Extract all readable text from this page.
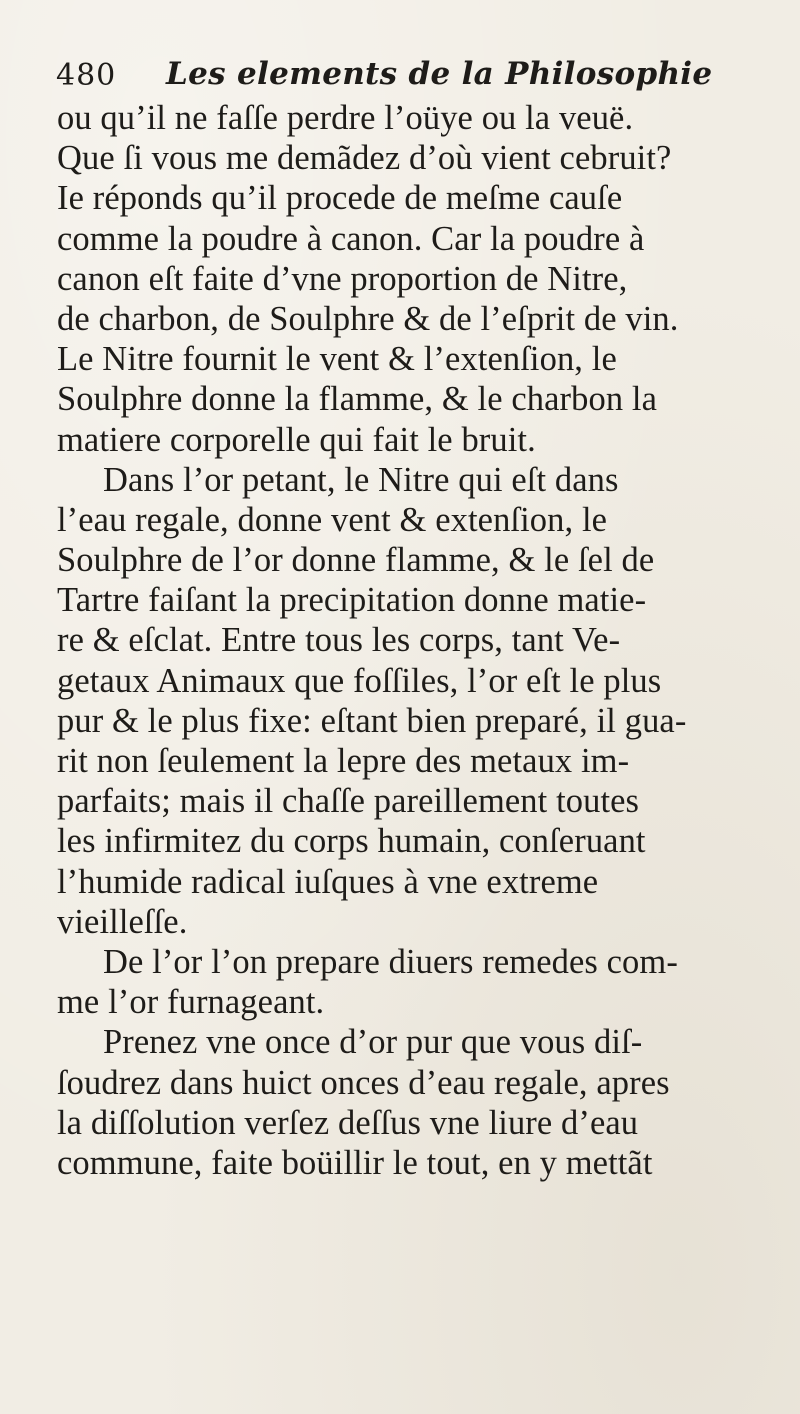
480 Les elements de la Philosophie
ou qu’il ne faſſe perdre l’oüye ou la veuë.
Que ſi vous me demãdez d’où vient cebruit?
Ie réponds qu’il procede de meſme cauſe
comme la poudre à canon. Car la poudre à
canon eſt faite d’vne proportion de Nitre,
de charbon, de Soulphre & de l’eſprit de vin.
Le Nitre fournit le vent & l’extenſion, le
Soulphre donne la flamme, & le charbon la
matiere corporelle qui fait le bruit.
Dans l’or petant, le Nitre qui eſt dans
l’eau regale, donne vent & extenſion, le
Soulphre de l’or donne flamme, & le ſel de
Tartre faiſant la precipitation donne matie-
re & eſclat. Entre tous les corps, tant Ve-
getaux Animaux que foſſiles, l’or eſt le plus
pur & le plus fixe: eſtant bien preparé, il gua-
rit non ſeulement la lepre des metaux im-
parfaits; mais il chaſſe pareillement toutes
les infirmitez du corps humain, conſeruant
l’humide radical iuſques à vne extreme
vieilleſſe.
De l’or l’on prepare diuers remedes com-
me l’or furnageant.
Prenez vne once d’or pur que vous diſ-
ſoudrez dans huict onces d’eau regale, apres
la diſſolution verſez deſſus vne liure d’eau
commune, faite boüillir le tout, en y mettãt
